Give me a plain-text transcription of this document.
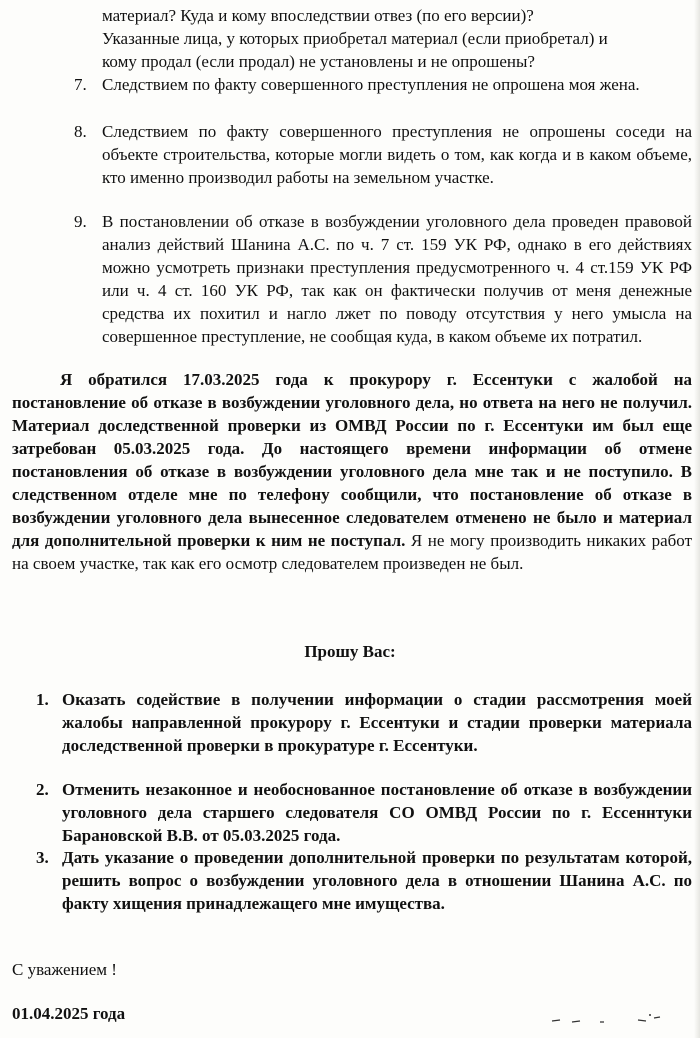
материал? Куда и кому впоследствии отвез (по его версии)?
Указанные лица, у которых приобретал материал (если приобретал) и
кому продал (если продал) не установлены и не опрошены?
7. Следствием по факту совершенного преступления не опрошена моя жена.
8. Следствием по факту совершенного преступления не опрошены соседи на объекте строительства, которые могли видеть о том, как когда и в каком объеме, кто именно производил работы на земельном участке.
9. В постановлении об отказе в возбуждении уголовного дела проведен правовой анализ действий Шанина А.С. по ч. 7 ст. 159 УК РФ, однако в его действиях можно усмотреть признаки преступления предусмотренного ч. 4 ст.159 УК РФ или ч. 4 ст. 160 УК РФ, так как он фактически получив от меня денежные средства их похитил и нагло лжет по поводу отсутствия у него умысла на совершенное преступление, не сообщая куда, в каком объеме их потратил.
Я обратился 17.03.2025 года к прокурору г. Ессентуки с жалобой на постановление об отказе в возбуждении уголовного дела, но ответа на него не получил. Материал доследственной проверки из ОМВД России по г. Ессентуки им был еще затребован 05.03.2025 года. До настоящего времени информации об отмене постановления об отказе в возбуждении уголовного дела мне так и не поступило. В следственном отделе мне по телефону сообщили, что постановление об отказе в возбуждении уголовного дела вынесенное следователем отменено не было и материал для дополнительной проверки к ним не поступал. Я не могу производить никаких работ на своем участке, так как его осмотр следователем произведен не был.
Прошу Вас:
1. Оказать содействие в получении информации о стадии рассмотрения моей жалобы направленной прокурору г. Ессентуки и стадии проверки материала доследственной проверки в прокуратуре г. Ессентуки.
2. Отменить незаконное и необоснованное постановление об отказе в возбуждении уголовного дела старшего следователя СО ОМВД России по г. Ессеннтуки Барановской В.В. от 05.03.2025 года.
3. Дать указание о проведении дополнительной проверки по результатам которой, решить вопрос о возбуждении уголовного дела в отношении Шанина А.С. по факту хищения принадлежащего мне имущества.
С уважением !
01.04.2025 года
